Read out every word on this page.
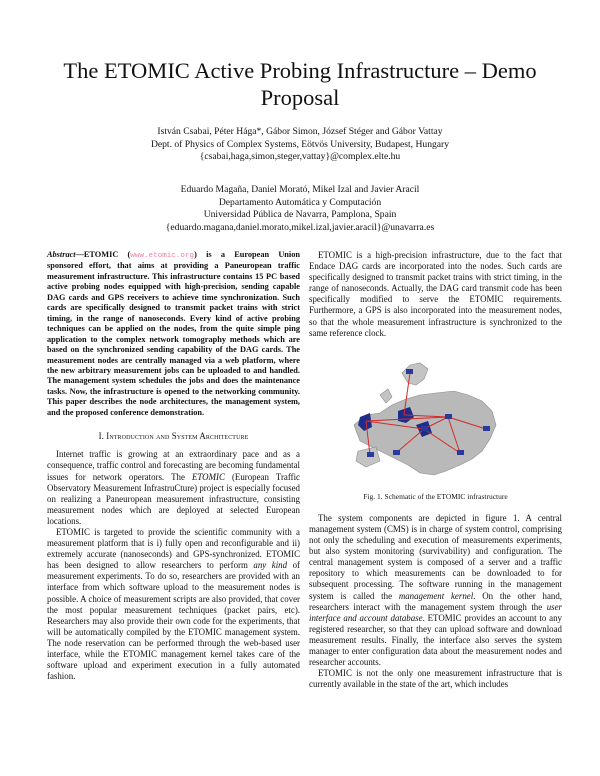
The ETOMIC Active Probing Infrastructure – Demo Proposal
István Csabai, Péter Hága*, Gábor Simon, József Stéger and Gábor Vattay
Dept. of Physics of Complex Systems, Eötvös University, Budapest, Hungary
{csabai,haga,simon,steger,vattay}@complex.elte.hu
Eduardo Magaña, Daniel Morató, Mikel Izal and Javier Aracil
Departamento Automática y Computación
Universidad Pública de Navarra, Pamplona, Spain
{eduardo.magana,daniel.morato,mikel.izal,javier.aracil}@unavarra.es
Abstract—ETOMIC (www.etomic.org) is a European Union sponsored effort, that aims at providing a Paneuropean traffic measurement infrastructure. This infrastructure contains 15 PC based active probing nodes equipped with high-precision, sending capable DAG cards and GPS receivers to achieve time synchronization. Such cards are specifically designed to transmit packet trains with strict timing, in the range of nanoseconds. Every kind of active probing techniques can be applied on the nodes, from the quite simple ping application to the complex network tomography methods which are based on the synchronized sending capability of the DAG cards. The measurement nodes are centrally managed via a web platform, where the new arbitrary measurement jobs can be uploaded to and handled. The management system schedules the jobs and does the maintenance tasks. Now, the infrastructure is opened to the networking community. This paper describes the node architectures, the management system, and the proposed conference demonstration.
I. Introduction and System Architecture

Internet traffic is growing at an extraordinary pace and as a consequence, traffic control and forecasting are becoming fundamental issues for network operators. The ETOMIC (European Traffic Observatory Measurement InfrastruCture) project is especially focused on realizing a Paneuropean measurement infrastructure, consisting measurement nodes which are deployed at selected European locations.

ETOMIC is targeted to provide the scientific community with a measurement platform that is i) fully open and reconfigurable and ii) extremely accurate (nanoseconds) and GPS-synchronized. ETOMIC has been designed to allow researchers to perform any kind of measurement experiments. To do so, researchers are provided with an interface from which software upload to the measurement nodes is possible. A choice of measurement scripts are also provided, that cover the most popular measurement techniques (packet pairs, etc). Researchers may also provide their own code for the experiments, that will be automatically compiled by the ETOMIC management system. The node reservation can be performed through the web-based user interface, while the ETOMIC management kernel takes care of the software upload and experiment execution in a fully automated fashion.

ETOMIC is a high-precision infrastructure, due to the fact that Endace DAG cards are incorporated into the nodes. Such cards are specifically designed to transmit packet trains with strict timing, in the range of nanoseconds. Actually, the DAG card transmit code has been specifically modified to serve the ETOMIC requirements. Furthermore, a GPS is also incorporated into the measurement nodes, so that the whole measurement infrastructure is synchronized to the same reference clock.

Fig. 1. Schematic of the ETOMIC infrastructure

The system components are depicted in figure 1. A central management system (CMS) is in charge of system control, comprising not only the scheduling and execution of measurements experiments, but also system monitoring (survivability) and configuration. The central management system is composed of a server and a traffic repository to which measurements can be downloaded to for subsequent processing. The software running in the management system is called the management kernel. On the other hand, researchers interact with the management system through the user interface and account database. ETOMIC provides an account to any registered researcher, so that they can upload software and download measurement results. Finally, the interface also serves the system manager to enter configuration data about the measurement nodes and researcher accounts.

ETOMIC is not the only one measurement infrastructure that is currently available in the state of the art, which includes
